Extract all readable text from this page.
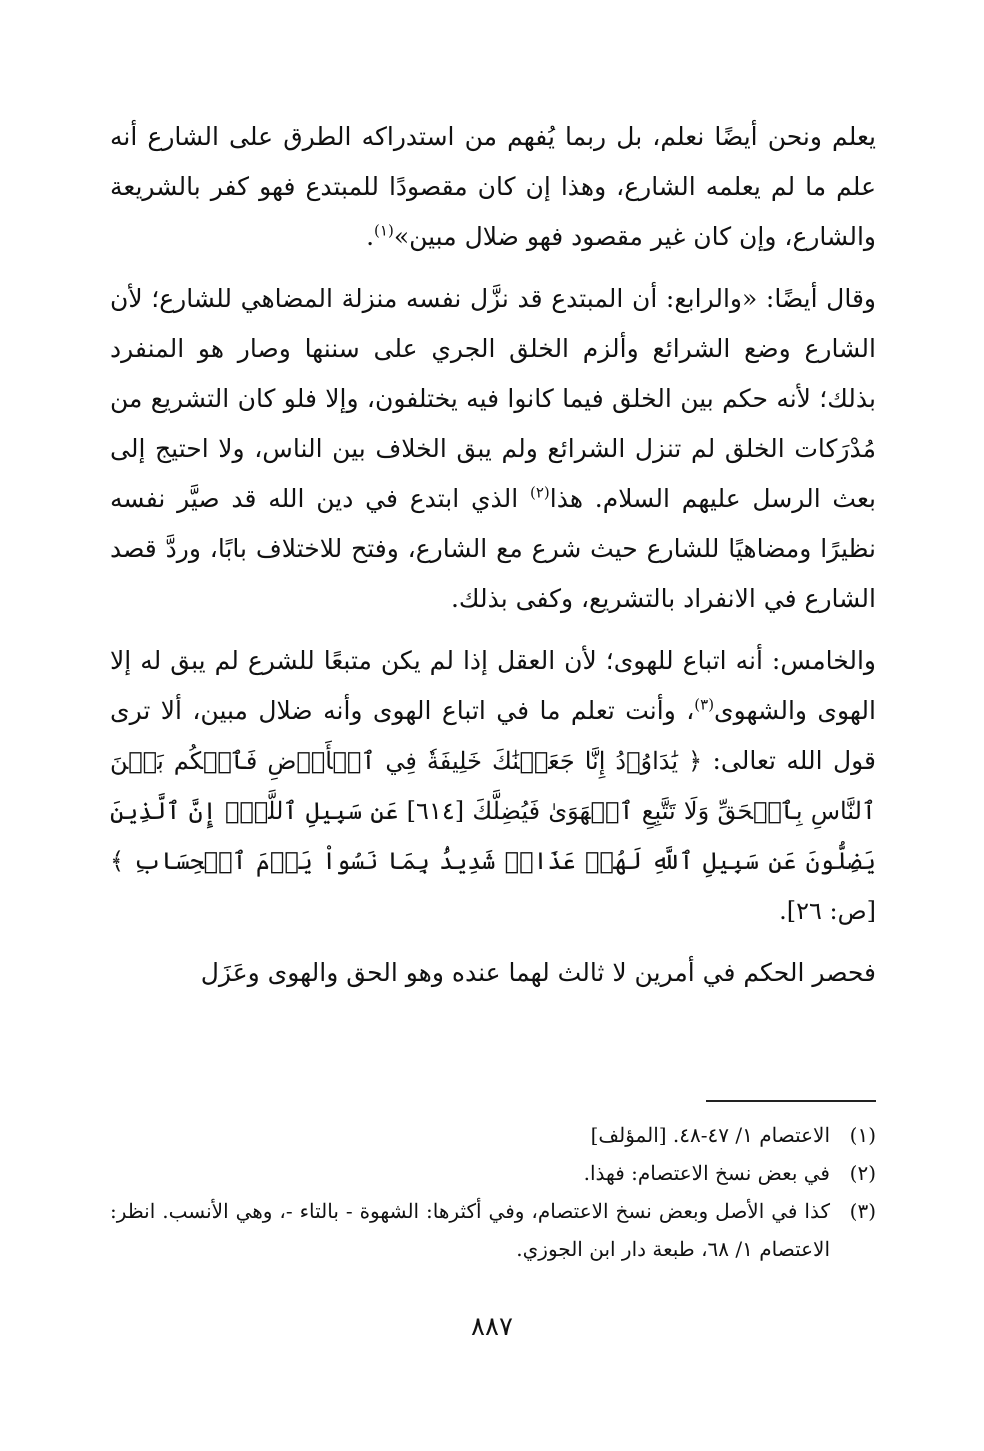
يعلم ونحن أيضًا نعلم، بل ربما يُفهم من استدراكه الطرق على الشارع أنه علم ما لم يعلمه الشارع، وهذا إن كان مقصودًا للمبتدع فهو كفر بالشريعة والشارع، وإن كان غير مقصود فهو ضلال مبين»$^{(١)}$.

وقال أيضًا: «والرابع: أن المبتدع قد نزَّل نفسه منزلة المضاهي للشارع؛ لأن الشارع وضع الشرائع وألزم الخلق الجري على سننها وصار هو المنفرد بذلك؛ لأنه حكم بين الخلق فيما كانوا فيه يختلفون، وإلا فلو كان التشريع من مُدْرَكات الخلق لم تنزل الشرائع ولم يبق الخلاف بين الناس، ولا احتيج إلى بعث الرسل عليهم السلام. هذا$^{(٢)}$ الذي ابتدع في دين الله قد صيَّر نفسه نظيرًا ومضاهيًا للشارع حيث شرع مع الشارع، وفتح للاختلاف بابًا، وردَّ قصد الشارع في الانفراد بالتشريع، وكفى بذلك.

والخامس: أنه اتباع للهوى؛ لأن العقل إذا لم يكن متبعًا للشرع لم يبق له إلا الهوى والشهوى$^{(٣)}$، وأنت تعلم ما في اتباع الهوى وأنه ضلال مبين، ألا ترى قول الله تعالى: ﴿ يَٰدَاوُۥدُ إِنَّا جَعَلۡنَٰكَ خَلِيفَةٗ فِي ٱلۡأَرۡضِ فَٱحۡكُم بَيۡنَ ٱلنَّاسِ بِٱلۡحَقِّ وَلَا تَتَّبِعِ ٱلۡهَوَىٰ فَيُضِلَّكَ [٦١٤] عَن سَبِيلِ ٱللَّهِۚ إِنَّ ٱلَّذِينَ يَضِلُّونَ عَن سَبِيلِ ٱللَّهِ لَهُمۡ عَذَابٞ شَدِيدُۢ بِمَا نَسُواْ يَوۡمَ ٱلۡحِسَابِ ﴾ [ص: ٢٦].

فحصر الحكم في أمرين لا ثالث لهما عنده وهو الحق والهوى وعَزَل

(١)
الاعتصام ١/ ٤٧-٤٨. [المؤلف]
(٢)
في بعض نسخ الاعتصام: فهذا.
(٣)
كذا في الأصل وبعض نسخ الاعتصام، وفي أكثرها: الشهوة - بالتاء -، وهي الأنسب. انظر: الاعتصام ١/ ٦٨، طبعة دار ابن الجوزي.
٨٨٧
